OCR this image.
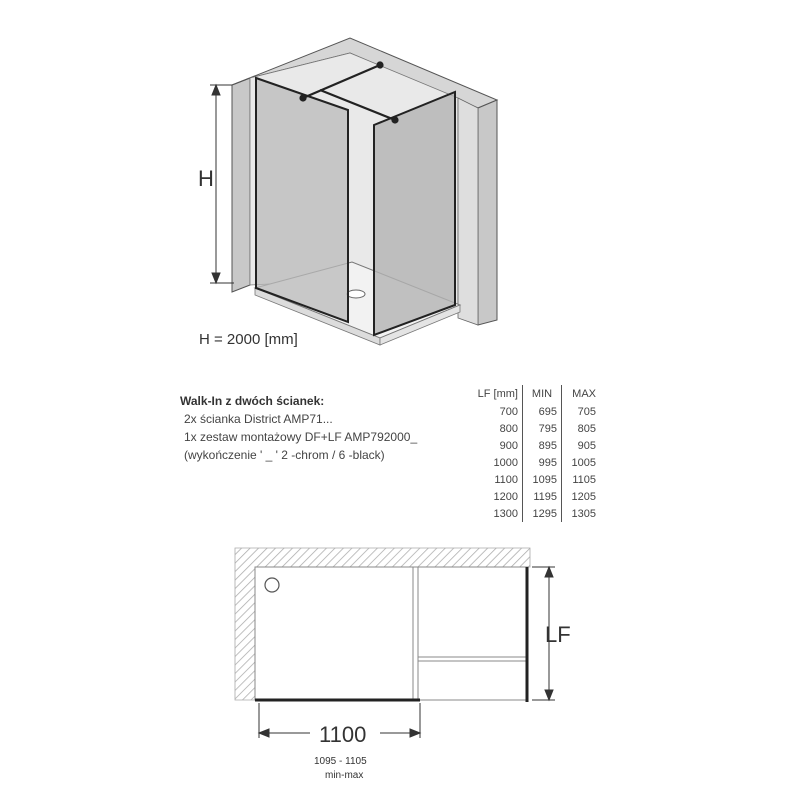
H
H = 2000 [mm]
Walk-In z dwóch ścianek:
2x ścianka District AMP71...
1x zestaw montażowy DF+LF AMP792000_
(wykończenie ' _ ' 2 -chrom / 6 -black)
LF [mm]	MIN	MAX
700	695	705
800	795	805
900	895	905
1000	995	1005
1100	1095	1105
1200	1195	1205
1300	1295	1305
LF
1100
1095 - 1105
min-max
